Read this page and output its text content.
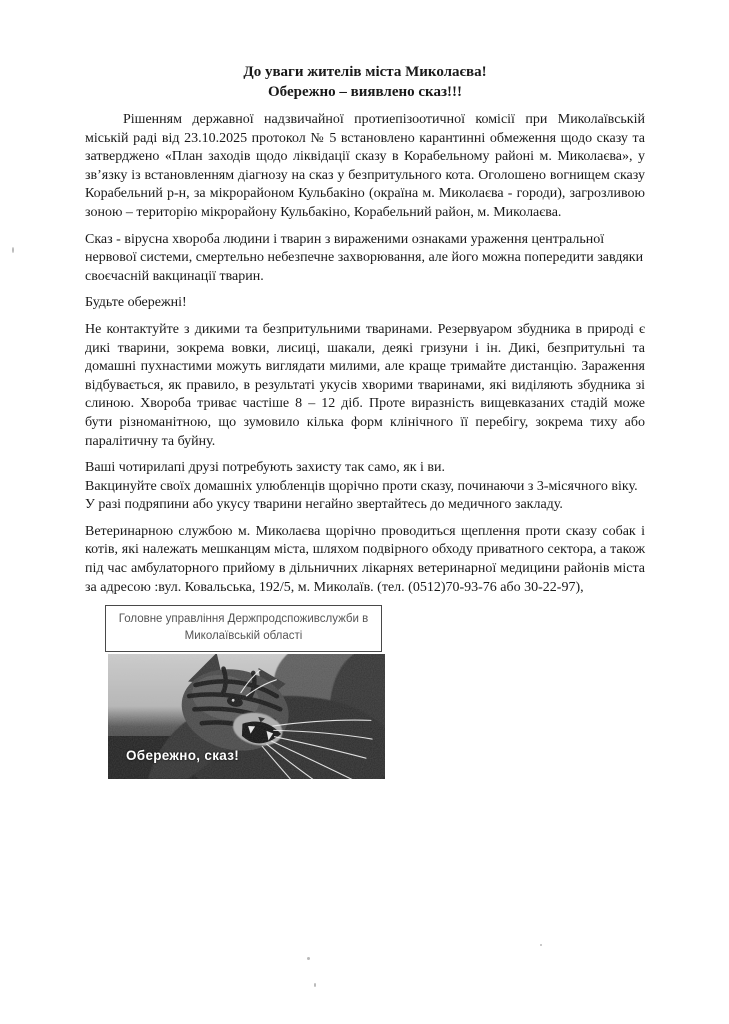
До уваги жителів міста Миколаєва!
Обережно – виявлено сказ!!!

Рішенням державної надзвичайної протиепізоотичної комісії при Миколаївській міській раді від 23.10.2025 протокол № 5 встановлено карантинні обмеження щодо сказу та затверджено «План заходів щодо ліквідації сказу в Корабельному районі м. Миколаєва», у зв’язку із встановленням діагнозу на сказ у безпритульного кота. Оголошено вогнищем сказу Корабельний р-н, за мікрорайоном Кульбакіно (окраїна м. Миколаєва - городи), загрозливою зоною – територію мікрорайону Кульбакіно, Корабельний район, м. Миколаєва.

Сказ - вірусна хвороба людини і тварин з вираженими ознаками ураження центральної нервової системи, смертельно небезпечне захворювання, але його можна попередити завдяки своєчасній вакцинації тварин.

Будьте обережні!

Не контактуйте з дикими та безпритульними тваринами. Резервуаром збудника в природі є дикі тварини, зокрема вовки, лисиці, шакали, деякі гризуни і ін. Дикі, безпритульні та домашні пухнастими можуть виглядати милими, але краще тримайте дистанцію. Зараження відбувається, як правило, в результаті укусів хворими тваринами, які виділяють збудника зі слиною. Хвороба триває частіше 8 – 12 діб. Проте виразність вищевказаних стадій може бути різноманітною, що зумовило кілька форм клінічного її перебігу, зокрема тиху або паралітичну та буйну.

Ваші чотирилапі друзі потребують захисту так само, як і ви.

Вакцинуйте своїх домашніх улюбленців щорічно проти сказу, починаючи з 3-місячного віку.

У разі подряпини або укусу тварини негайно звертайтесь до медичного закладу.

Ветеринарною службою м. Миколаєва щорічно проводиться щеплення проти сказу собак і котів, які належать мешканцям міста, шляхом подвірного обходу приватного сектора, а також під час амбулаторного прийому в дільничних лікарнях ветеринарної медицини районів міста за адресою :вул. Ковальська, 192/5, м. Миколаїв. (тел. (0512)70-93-76 або 30-22-97),

Головне управління Держпродспоживслужби в
Миколаївській області
Обережно, сказ!
